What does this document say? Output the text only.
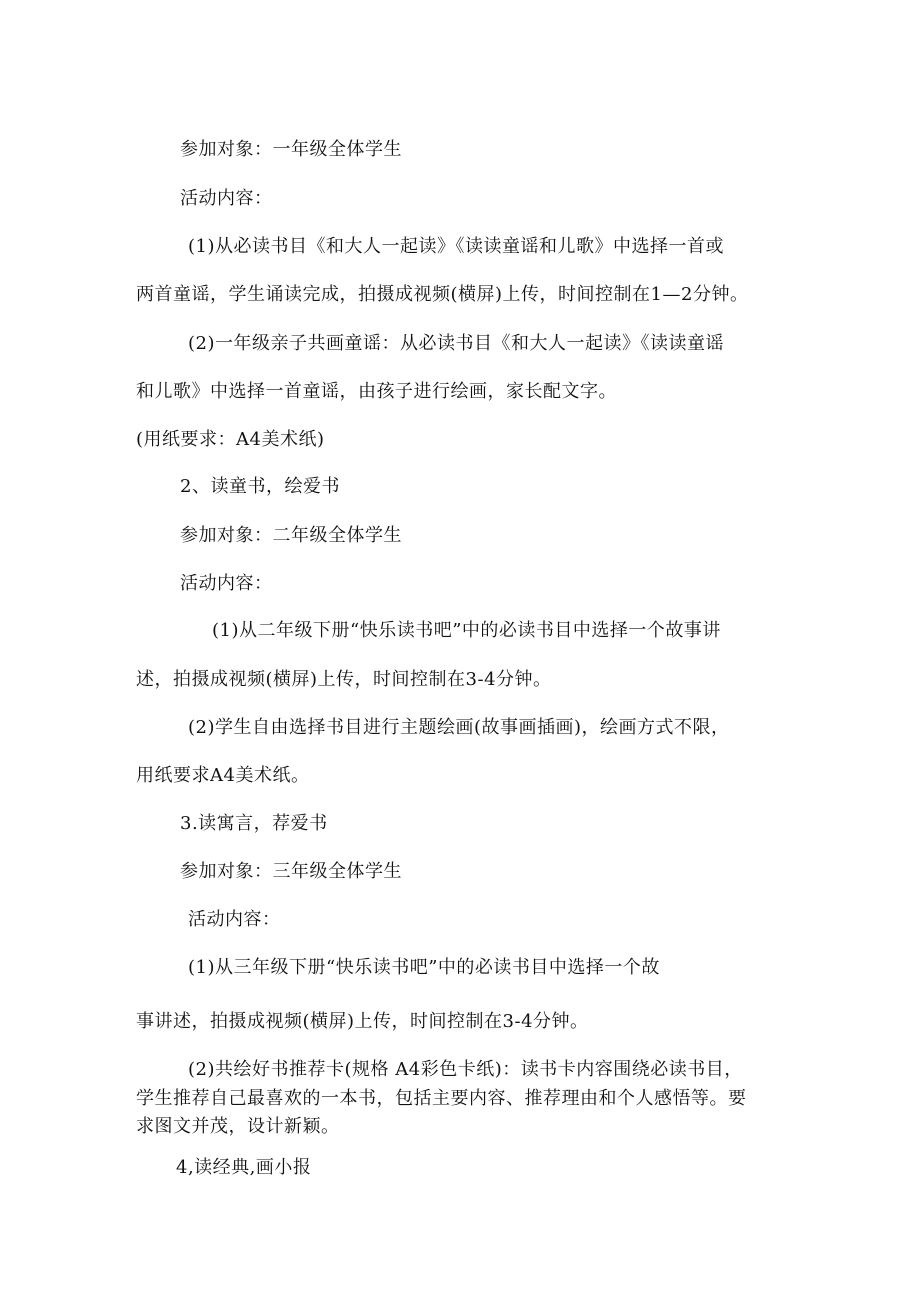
参加对象：一年级全体学生

活动内容：

(1)从必读书目《和大人一起读》《读读童谣和儿歌》中选择一首或

两首童谣，学生诵读完成，拍摄成视频(横屏)上传，时间控制在1—2分钟。

(2)一年级亲子共画童谣：从必读书目《和大人一起读》《读读童谣

和儿歌》中选择一首童谣，由孩子进行绘画，家长配文字。

(用纸要求：A4美术纸)

2、读童书，绘爱书

参加对象：二年级全体学生

活动内容：

(1)从二年级下册“快乐读书吧”中的必读书目中选择一个故事讲

述，拍摄成视频(横屏)上传，时间控制在3-4分钟。

(2)学生自由选择书目进行主题绘画(故事画插画)，绘画方式不限，

用纸要求A4美术纸。

3.读寓言，荐爱书

参加对象：三年级全体学生

活动内容：

(1)从三年级下册“快乐读书吧”中的必读书目中选择一个故

事讲述，拍摄成视频(横屏)上传，时间控制在3-4分钟。

(2)共绘好书推荐卡(规格 A4彩色卡纸)：读书卡内容围绕必读书目，

学生推荐自己最喜欢的一本书，包括主要内容、推荐理由和个人感悟等。要

求图文并茂，设计新颖。

4,读经典,画小报
